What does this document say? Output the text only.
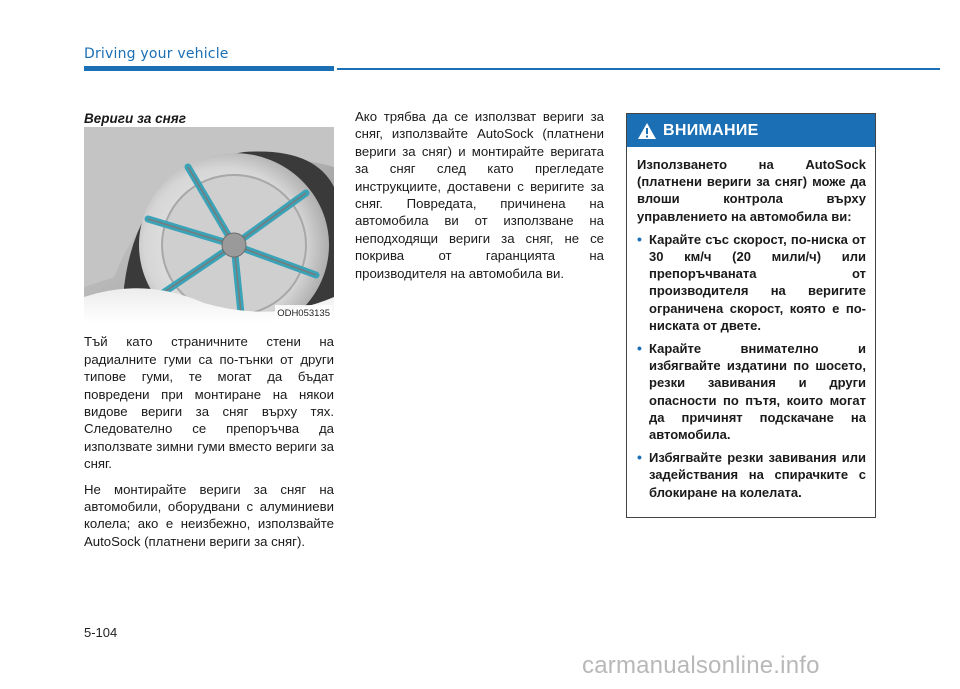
Driving your vehicle

Вериги за сняг

ODH053135

Тъй като страничните стени на радиалните гуми са по-тънки от други типове гуми, те могат да бъдат повредени при монтиране на някои видове вериги за сняг върху тях. Следователно се препоръчва да използвате зимни гуми вместо вериги за сняг.

Не монтирайте вериги за сняг на автомобили, оборудвани с алуминиеви колела; ако е неизбежно, използвайте AutoSock (платнени вериги за сняг).

Ако трябва да се използват вериги за сняг, използвайте AutoSock (платнени вериги за сняг) и монтирайте веригата за сняг след като прегледате инструкциите, доставени с веригите за сняг. Повредата, причинена на автомобила ви от използване на неподходящи вериги за сняг, не се покрива от гаранцията на производителя на автомобила ви.

ВНИМАНИЕ

Използването на AutoSock (платнени вериги за сняг) може да влоши контрола върху управлението на автомобила ви:

• Карайте със скорост, по-ниска от 30 км/ч (20 мили/ч) или препоръчваната от производителя на веригите ограничена скорост, която е по-ниската от двете.
• Карайте внимателно и избягвайте издатини по шосето, резки завивания и други опасности по пътя, които могат да причинят подскачане на автомобила.
• Избягвайте резки завивания или задействания на спирачките с блокиране на колелата.
5-104
carmanualsonline.info
